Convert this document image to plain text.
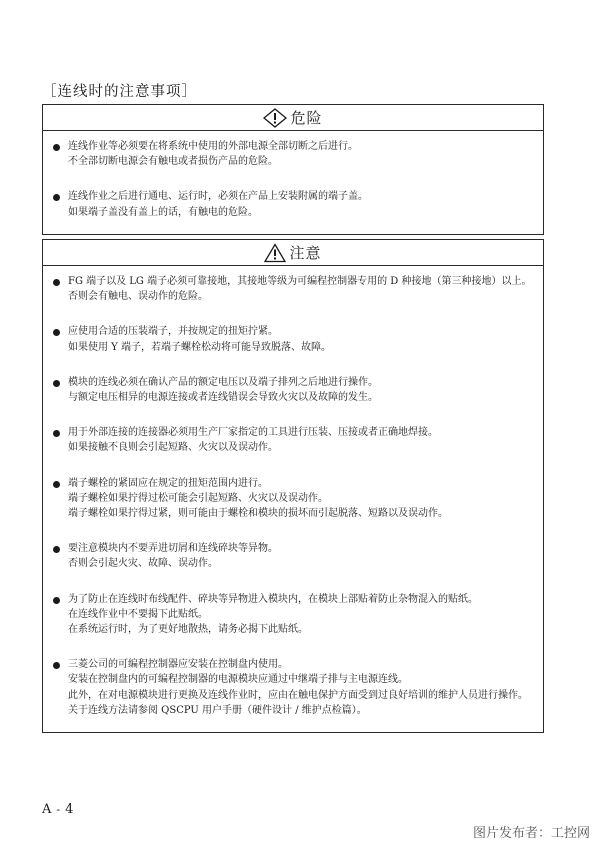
［连线时的注意事项］
危险
连线作业等必须要在将系统中使用的外部电源全部切断之后进行。
不全部切断电源会有触电或者损伤产品的危险。
连线作业之后进行通电、运行时，必须在产品上安装附属的端子盖。
如果端子盖没有盖上的话，有触电的危险。
注意
FG 端子以及 LG 端子必须可靠接地，其接地等级为可编程控制器专用的 D 种接地（第三种接地）以上。
否则会有触电、误动作的危险。
应使用合适的压装端子，并按规定的扭矩拧紧。
如果使用 Y 端子，若端子螺栓松动将可能导致脱落、故障。
模块的连线必须在确认产品的额定电压以及端子排列之后地进行操作。
与额定电压相异的电源连接或者连线错误会导致火灾以及故障的发生。
用于外部连接的连接器必须用生产厂家指定的工具进行压装、压接或者正确地焊接。
如果接触不良则会引起短路、火灾以及误动作。
端子螺栓的紧固应在规定的扭矩范围内进行。
端子螺栓如果拧得过松可能会引起短路、火灾以及误动作。
端子螺栓如果拧得过紧，则可能由于螺栓和模块的损坏而引起脱落、短路以及误动作。
要注意模块内不要弄进切屑和连线碎块等异物。
否则会引起火灾、故障、误动作。
为了防止在连线时布线配件、碎块等异物进入模块内，在模块上部贴着防止杂物混入的贴纸。
在连线作业中不要揭下此贴纸。
在系统运行时，为了更好地散热，请务必揭下此贴纸。
三菱公司的可编程控制器应安装在控制盘内使用。
安装在控制盘内的可编程控制器的电源模块应通过中继端子排与主电源连线。
此外，在对电源模块进行更换及连线作业时，应由在触电保护方面受到过良好培训的维护人员进行操作。
关于连线方法请参阅 QSCPU 用户手册（硬件设计 / 维护点检篇）。
A - 4
图片发布者：工控网
